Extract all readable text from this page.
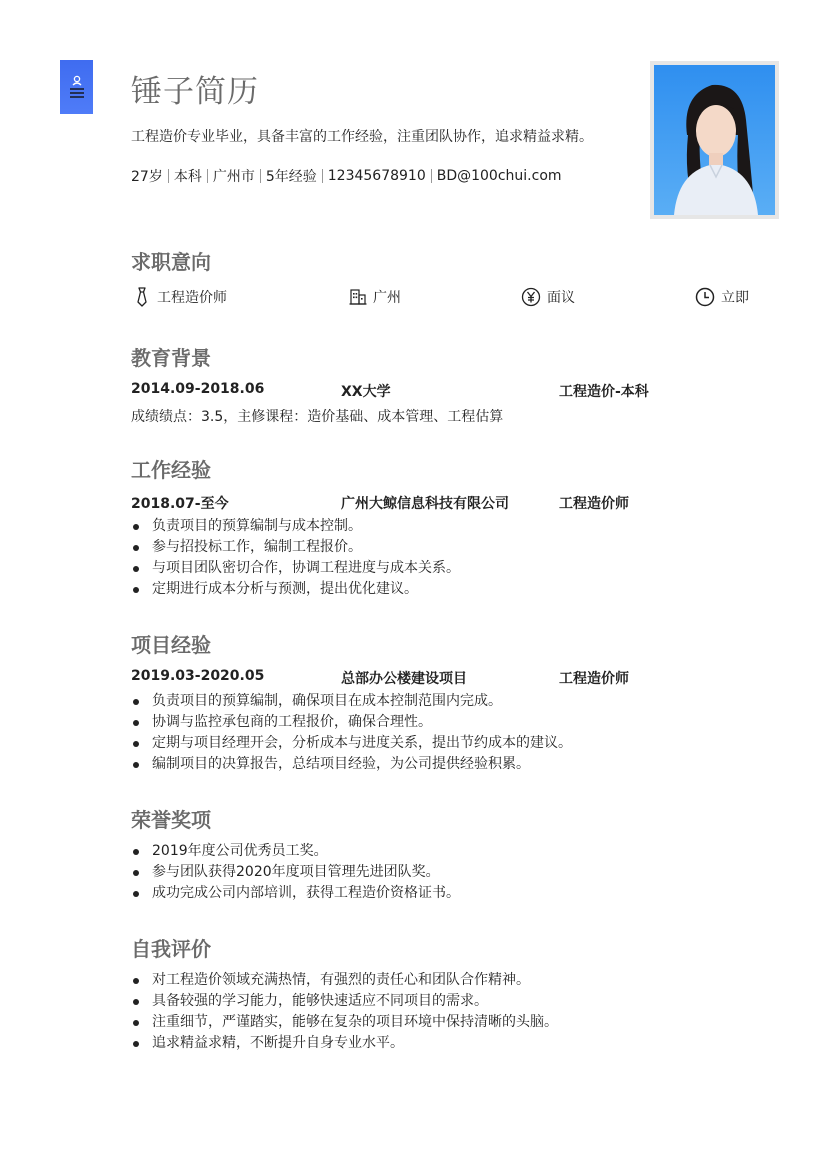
锤子简历
工程造价专业毕业，具备丰富的工作经验，注重团队协作，追求精益求精。
27岁 本科 广州市 5年经验 12345678910 BD@100chui.com
求职意向
工程造价师	广州	面议	立即
教育背景
2014.09-2018.06	XX大学	工程造价-本科
成绩绩点：3.5，主修课程：造价基础、成本管理、工程估算
工作经验
2018.07-至今	广州大鲸信息科技有限公司	工程造价师
负责项目的预算编制与成本控制。
参与招投标工作，编制工程报价。
与项目团队密切合作，协调工程进度与成本关系。
定期进行成本分析与预测，提出优化建议。
项目经验
2019.03-2020.05	总部办公楼建设项目	工程造价师
负责项目的预算编制，确保项目在成本控制范围内完成。
协调与监控承包商的工程报价，确保合理性。
定期与项目经理开会，分析成本与进度关系，提出节约成本的建议。
编制项目的决算报告，总结项目经验，为公司提供经验积累。
荣誉奖项
2019年度公司优秀员工奖。
参与团队获得2020年度项目管理先进团队奖。
成功完成公司内部培训，获得工程造价资格证书。
自我评价
对工程造价领域充满热情，有强烈的责任心和团队合作精神。
具备较强的学习能力，能够快速适应不同项目的需求。
注重细节，严谨踏实，能够在复杂的项目环境中保持清晰的头脑。
追求精益求精，不断提升自身专业水平。
